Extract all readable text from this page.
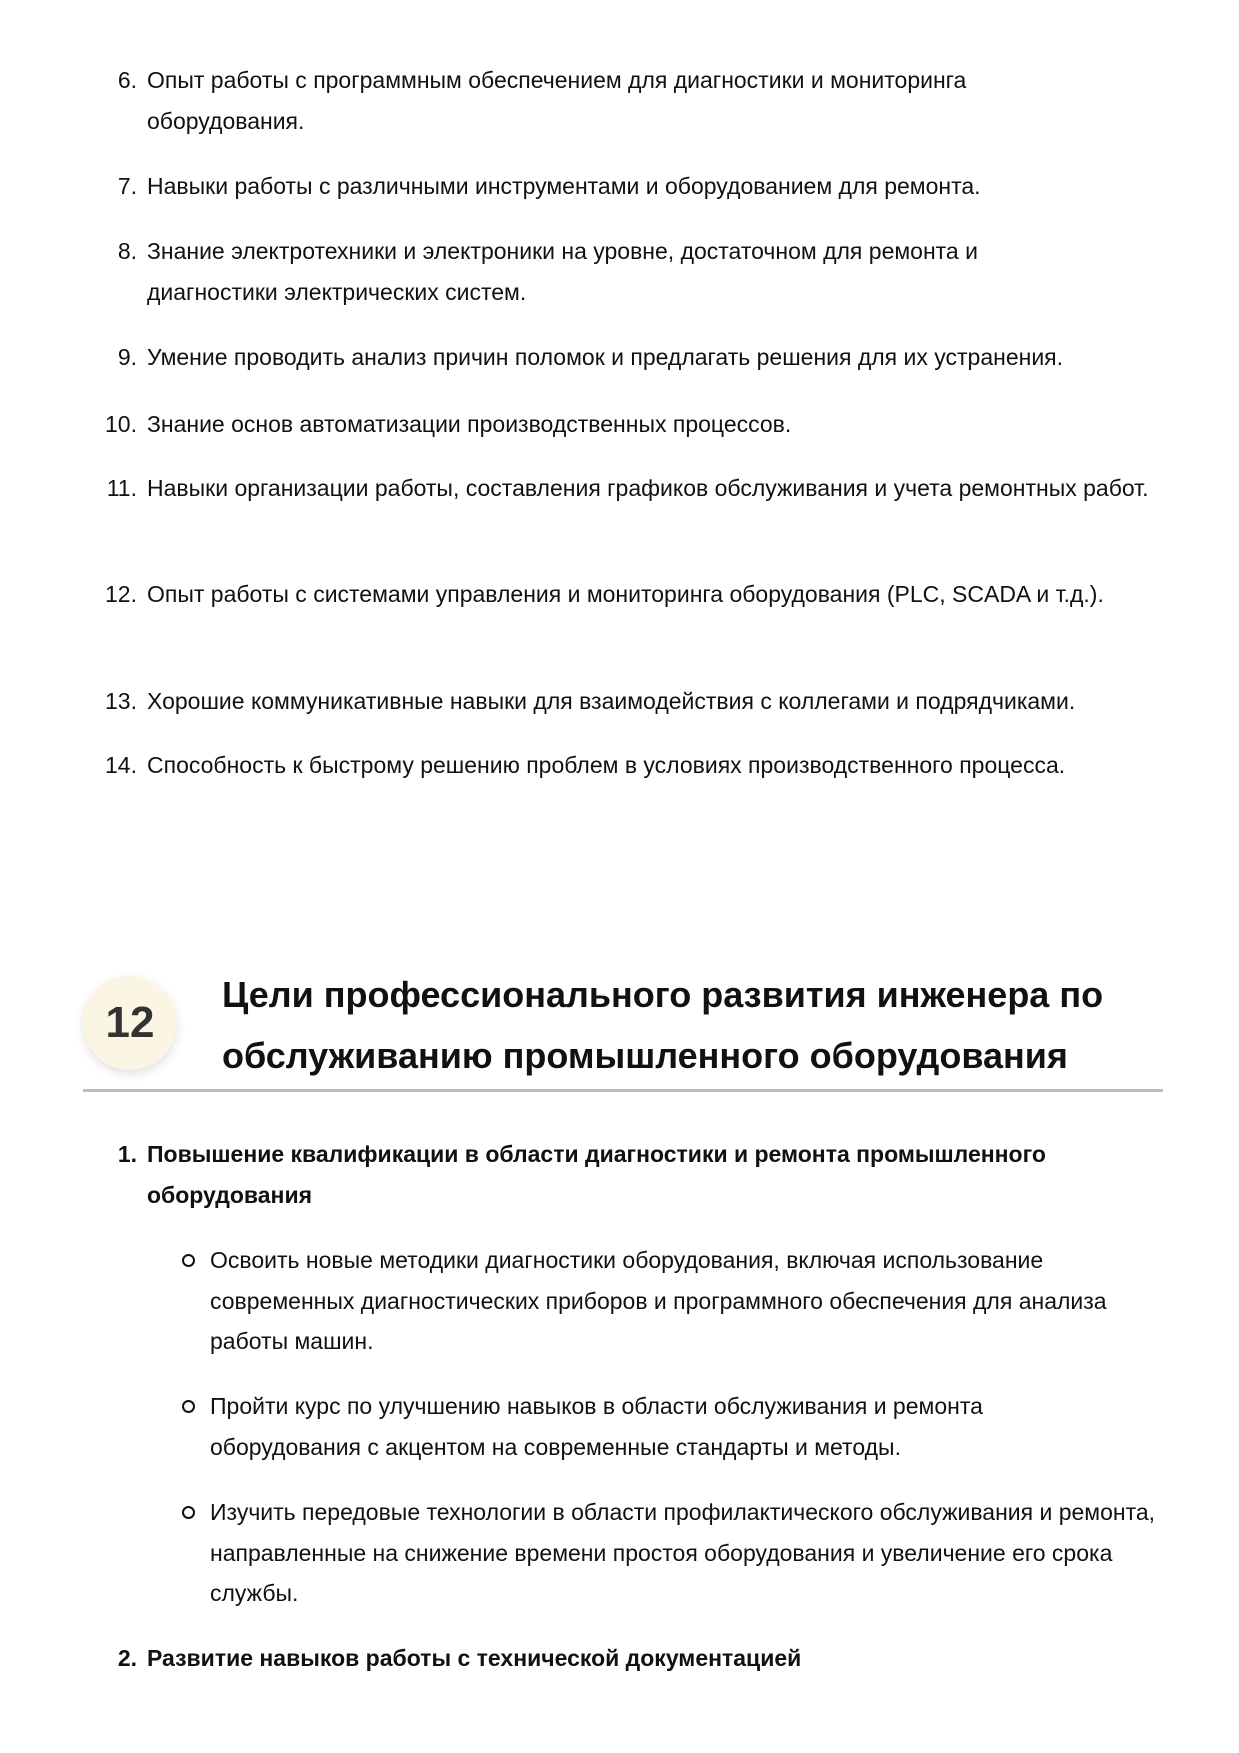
6. Опыт работы с программным обеспечением для диагностики и мониторинга оборудования.
7. Навыки работы с различными инструментами и оборудованием для ремонта.
8. Знание электротехники и электроники на уровне, достаточном для ремонта и диагностики электрических систем.
9. Умение проводить анализ причин поломок и предлагать решения для их устранения.
10. Знание основ автоматизации производственных процессов.
11. Навыки организации работы, составления графиков обслуживания и учета ремонтных работ.
12. Опыт работы с системами управления и мониторинга оборудования (PLC, SCADA и т.д.).
13. Хорошие коммуникативные навыки для взаимодействия с коллегами и подрядчиками.
14. Способность к быстрому решению проблем в условиях производственного процесса.
12
Цели профессионального развития инженера по обслуживанию промышленного оборудования
1. Повышение квалификации в области диагностики и ремонта промышленного оборудования
Освоить новые методики диагностики оборудования, включая использование современных диагностических приборов и программного обеспечения для анализа работы машин.
Пройти курс по улучшению навыков в области обслуживания и ремонта оборудования с акцентом на современные стандарты и методы.
Изучить передовые технологии в области профилактического обслуживания и ремонта, направленные на снижение времени простоя оборудования и увеличение его срока службы.
2. Развитие навыков работы с технической документацией
